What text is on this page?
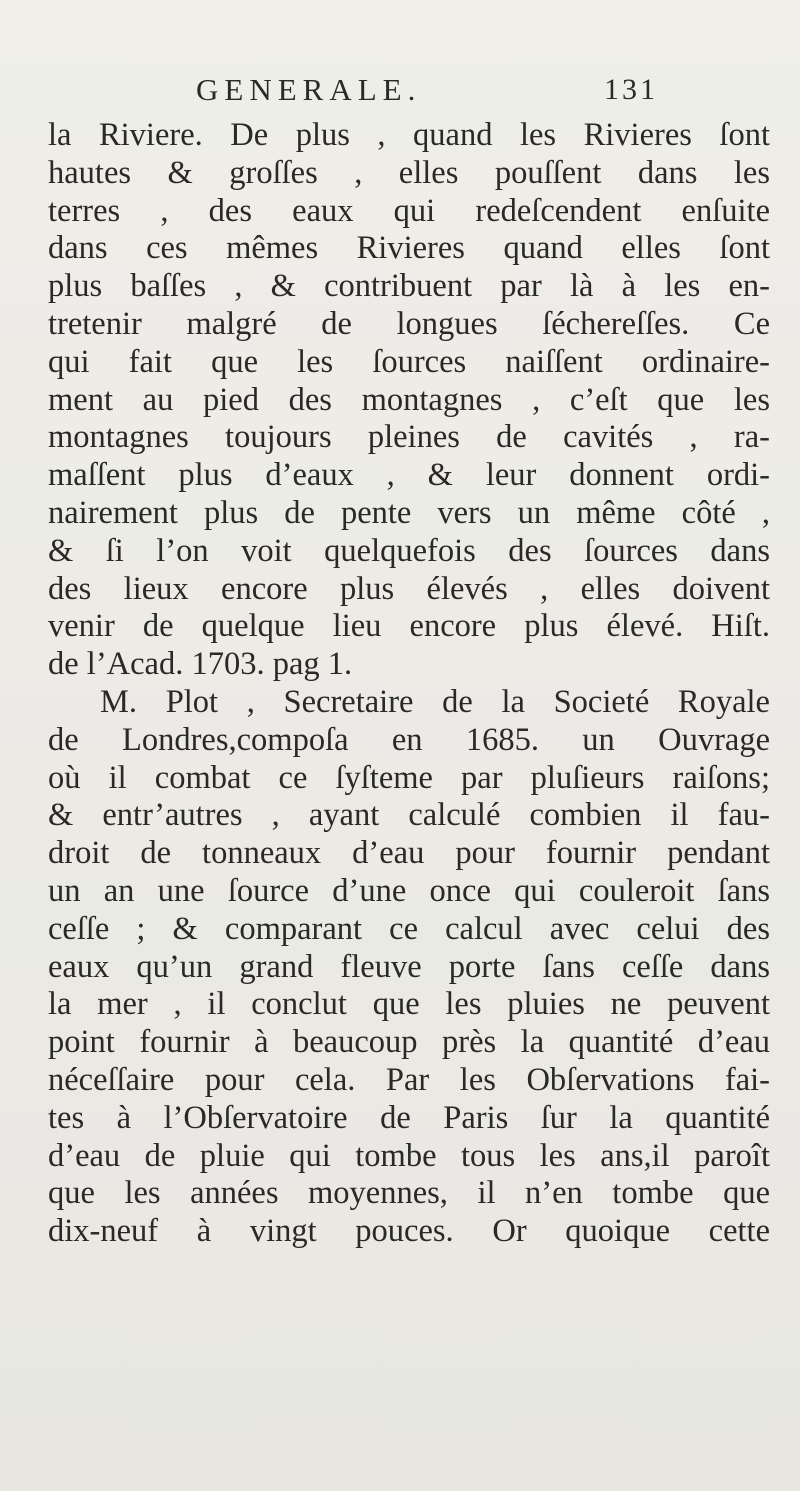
GENERALE.	131
la Riviere. De plus , quand les Rivieres ſont
hautes & groſſes , elles pouſſent dans les
terres , des eaux qui redeſcendent enſuite
dans ces mêmes Rivieres quand elles ſont
plus baſſes , & contribuent par là à les en-
tretenir malgré de longues ſéchereſſes. Ce
qui fait que les ſources naiſſent ordinaire-
ment au pied des montagnes , c’eſt que les
montagnes toujours pleines de cavités , ra-
maſſent plus d’eaux , & leur donnent ordi-
nairement plus de pente vers un même côté ,
& ſi l’on voit quelquefois des ſources dans
des lieux encore plus élevés , elles doivent
venir de quelque lieu encore plus élevé. Hiſt.
de l’Acad. 1703. pag 1.
M. Plot , Secretaire de la Societé Royale
de Londres,compoſa en 1685. un Ouvrage
où il combat ce ſyſteme par pluſieurs raiſons;
& entr’autres , ayant calculé combien il fau-
droit de tonneaux d’eau pour fournir pendant
un an une ſource d’une once qui couleroit ſans
ceſſe ; & comparant ce calcul avec celui des
eaux qu’un grand fleuve porte ſans ceſſe dans
la mer , il conclut que les pluies ne peuvent
point fournir à beaucoup près la quantité d’eau
néceſſaire pour cela. Par les Obſervations fai-
tes à l’Obſervatoire de Paris ſur la quantité
d’eau de pluie qui tombe tous les ans,il paroît
que les années moyennes, il n’en tombe que
dix-neuf à vingt pouces. Or quoique cette
